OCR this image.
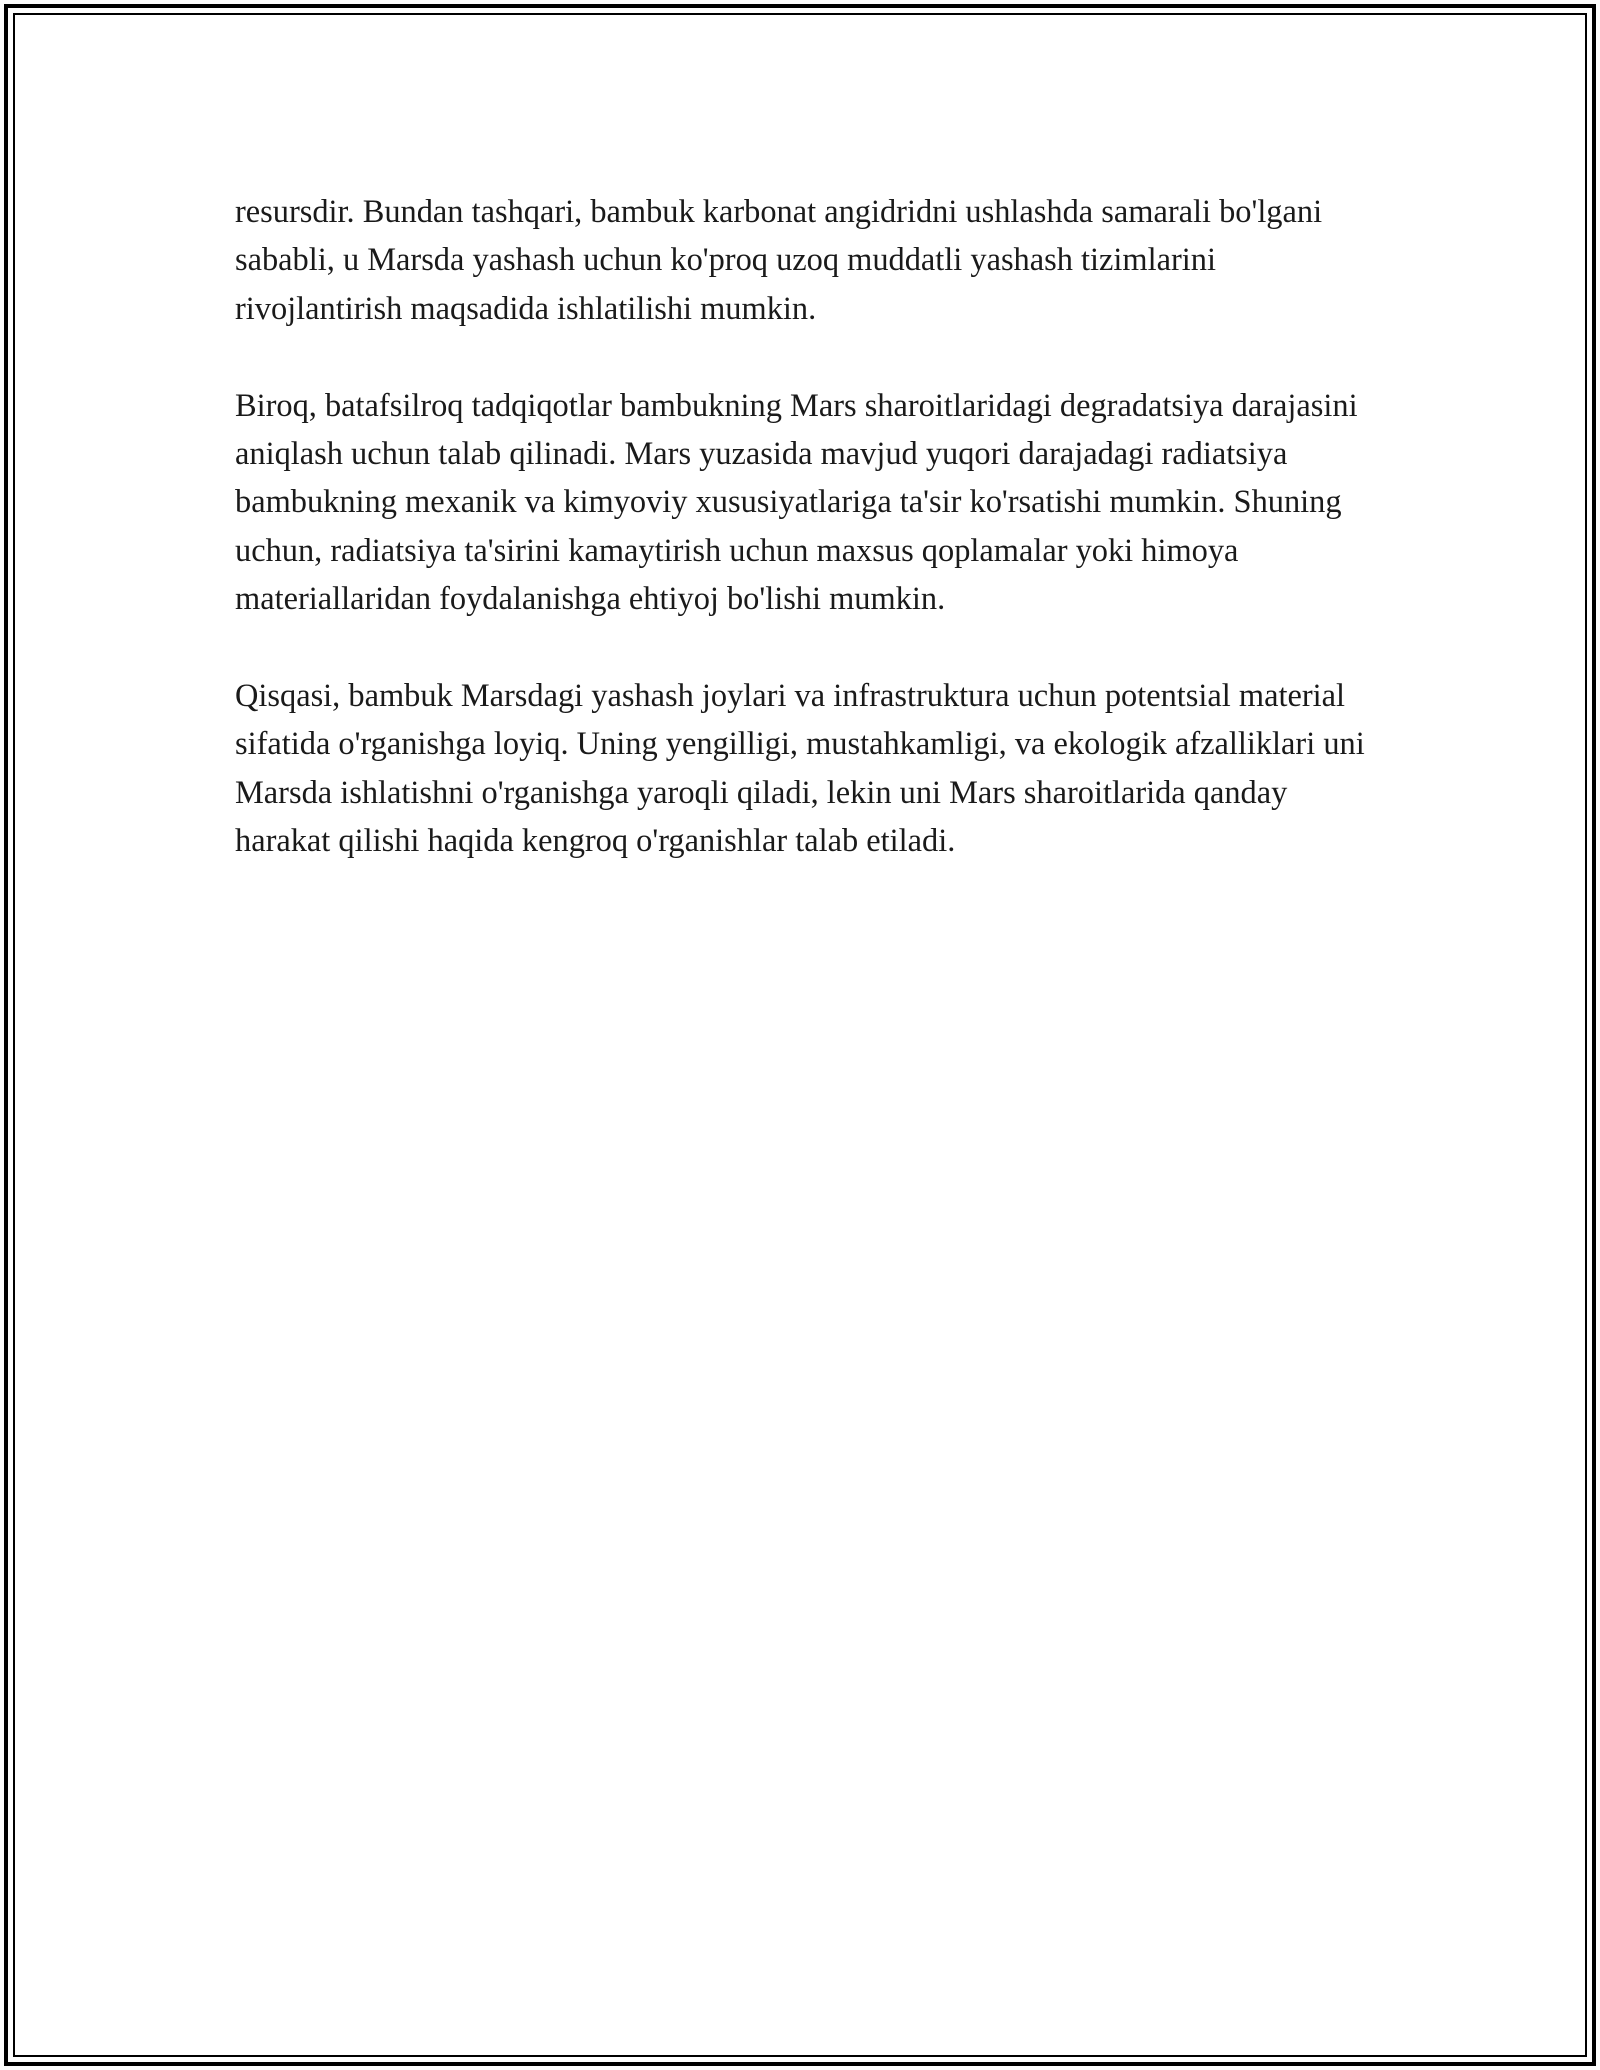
resursdir. Bundan tashqari, bambuk karbonat angidridni ushlashda samarali bo'lgani sababli, u Marsda yashash uchun ko'proq uzoq muddatli yashash tizimlarini rivojlantirish maqsadida ishlatilishi mumkin.

Biroq, batafsilroq tadqiqotlar bambukning Mars sharoitlaridagi degradatsiya darajasini aniqlash uchun talab qilinadi. Mars yuzasida mavjud yuqori darajadagi radiatsiya bambukning mexanik va kimyoviy xususiyatlariga ta'sir ko'rsatishi mumkin. Shuning uchun, radiatsiya ta'sirini kamaytirish uchun maxsus qoplamalar yoki himoya materiallaridan foydalanishga ehtiyoj bo'lishi mumkin.

Qisqasi, bambuk Marsdagi yashash joylari va infrastruktura uchun potentsial material sifatida o'rganishga loyiq. Uning yengilligi, mustahkamligi, va ekologik afzalliklari uni Marsda ishlatishni o'rganishga yaroqli qiladi, lekin uni Mars sharoitlarida qanday harakat qilishi haqida kengroq o'rganishlar talab etiladi.
